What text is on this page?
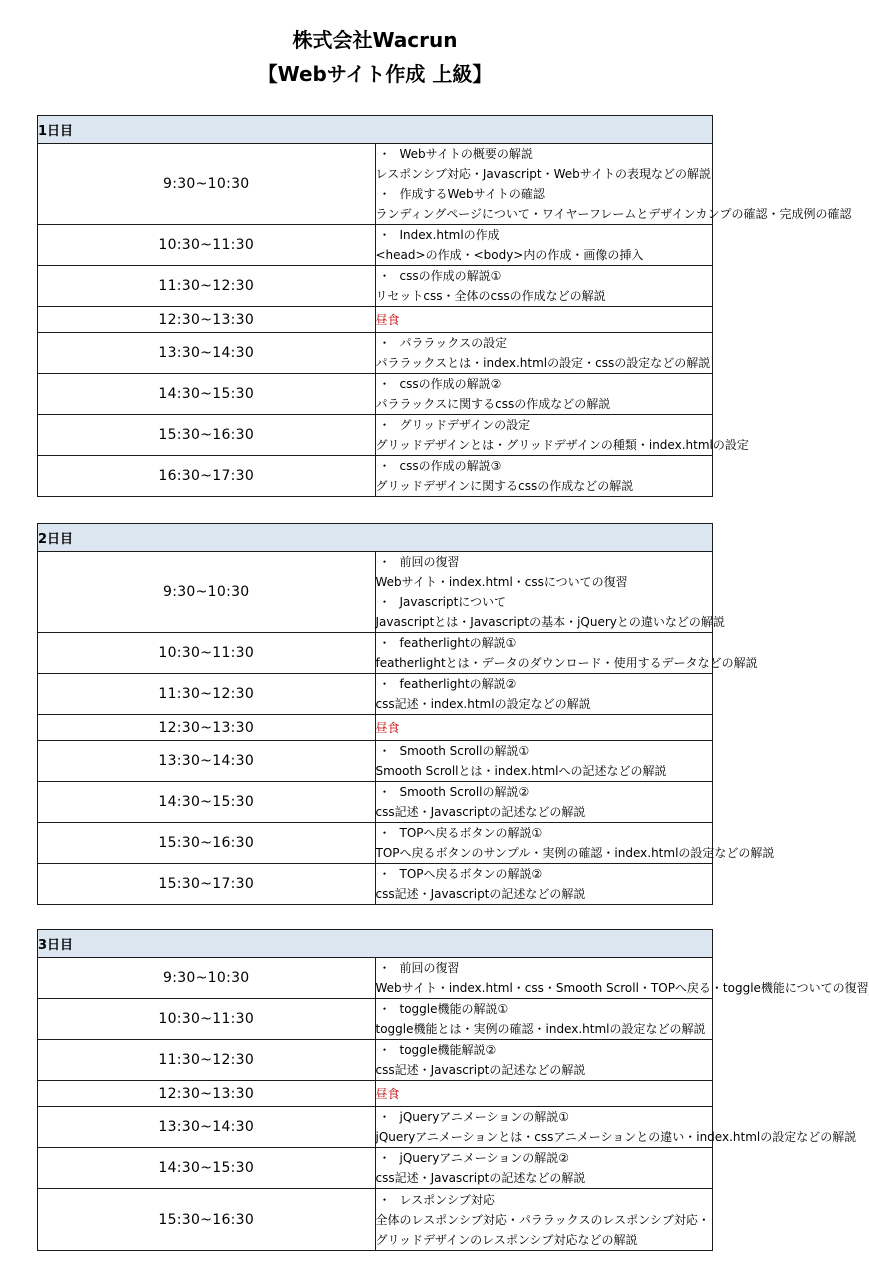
株式会社Wacrun
【Webサイト作成 上級】
1日目	
9:30~10:30	・ Webサイトの概要の解説
レスポンシブ対応・Javascript・Webサイトの表現などの解説
・ 作成するWebサイトの確認
ランディングページについて・ワイヤーフレームとデザインカンプの確認・完成例の確認

10:30~11:30	・ Index.htmlの作成
<head>の作成・<body>内の作成・画像の挿入

11:30~12:30	・ cssの作成の解説①
リセットcss・全体のcssの作成などの解説

12:30~13:30	昼食

13:30~14:30	・ パララックスの設定
パララックスとは・index.htmlの設定・cssの設定などの解説

14:30~15:30	・ cssの作成の解説②
パララックスに関するcssの作成などの解説

15:30~16:30	・ グリッドデザインの設定
グリッドデザインとは・グリッドデザインの種類・index.htmlの設定

16:30~17:30	・ cssの作成の解説③
グリッドデザインに関するcssの作成などの解説
2日目	
9:30~10:30	・ 前回の復習
Webサイト・index.html・cssについての復習
・ Javascriptについて
Javascriptとは・Javascriptの基本・jQueryとの違いなどの解説

10:30~11:30	・ featherlightの解説①
featherlightとは・データのダウンロード・使用するデータなどの解説

11:30~12:30	・ featherlightの解説②
css記述・index.htmlの設定などの解説

12:30~13:30	昼食

13:30~14:30	・ Smooth Scrollの解説①
Smooth Scrollとは・index.htmlへの記述などの解説

14:30~15:30	・ Smooth Scrollの解説②
css記述・Javascriptの記述などの解説

15:30~16:30	・ TOPへ戻るボタンの解説①
TOPへ戻るボタンのサンプル・実例の確認・index.htmlの設定などの解説

15:30~17:30	・ TOPへ戻るボタンの解説②
css記述・Javascriptの記述などの解説
3日目	
9:30~10:30	・ 前回の復習
Webサイト・index.html・css・Smooth Scroll・TOPへ戻る・toggle機能についての復習

10:30~11:30	・ toggle機能の解説①
toggle機能とは・実例の確認・index.htmlの設定などの解説

11:30~12:30	・ toggle機能解説②
css記述・Javascriptの記述などの解説

12:30~13:30	昼食

13:30~14:30	・ jQueryアニメーションの解説①
jQueryアニメーションとは・cssアニメーションとの違い・index.htmlの設定などの解説

14:30~15:30	・ jQueryアニメーションの解説②
css記述・Javascriptの記述などの解説

15:30~16:30	・ レスポンシブ対応
全体のレスポンシブ対応・パララックスのレスポンシブ対応・グリッドデザインのレスポンシブ対応などの解説
